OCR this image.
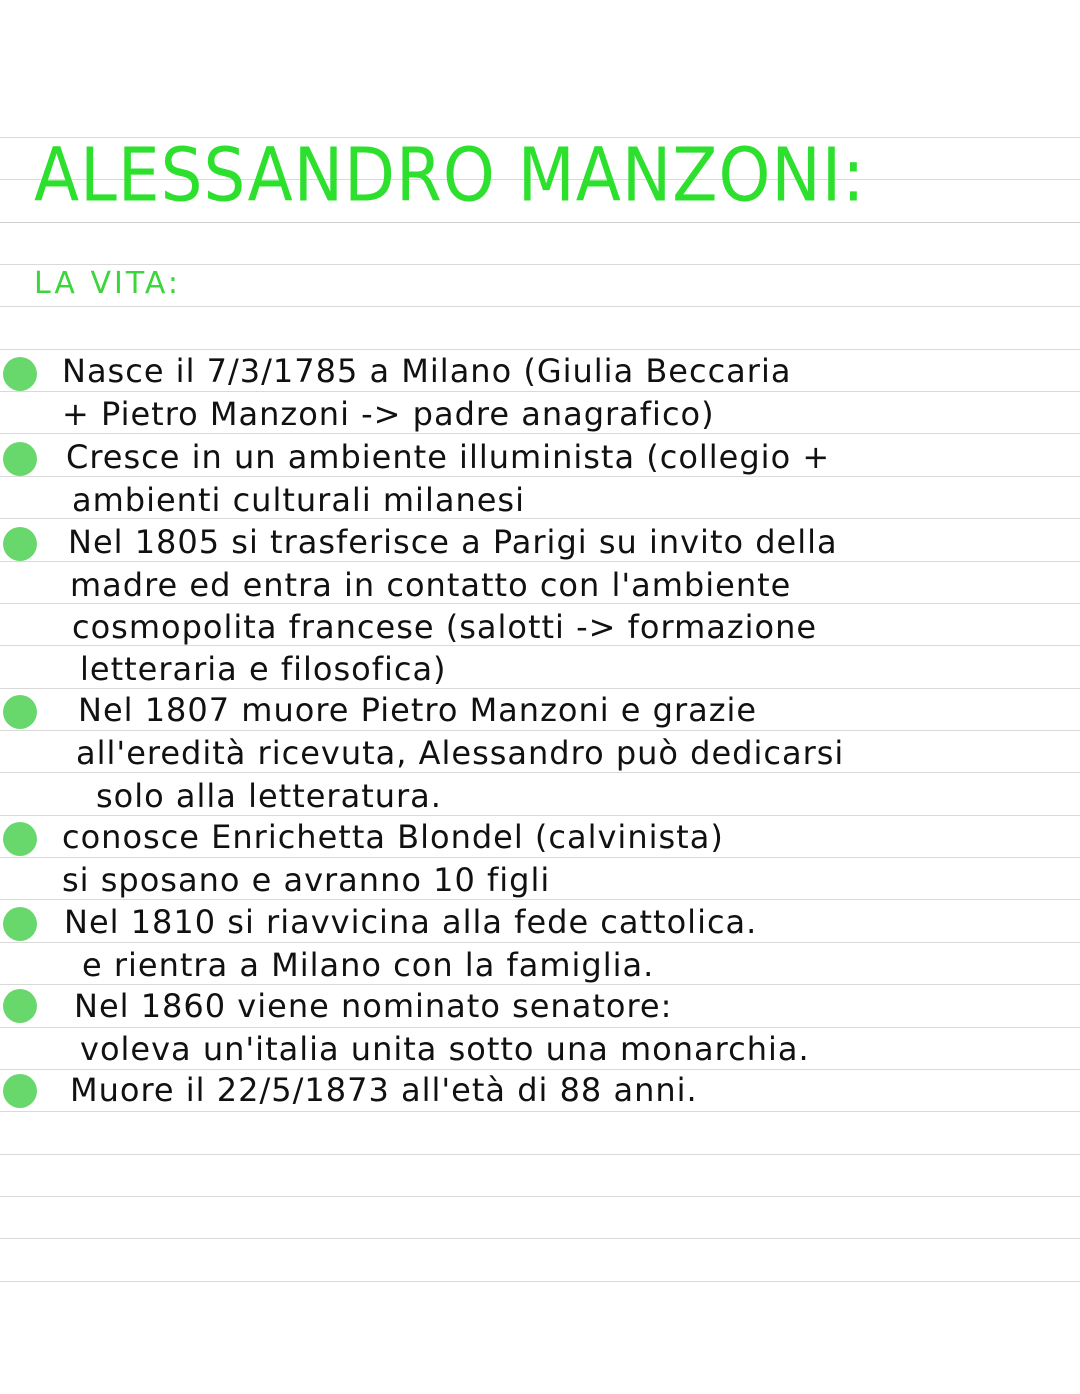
ALESSANDRO MANZONI:
LA VITA:
Nasce il 7/3/1785 a Milano (Giulia Beccaria
+ Pietro Manzoni -> padre anagrafico)
Cresce in un ambiente illuminista (collegio +
ambienti culturali milanesi
Nel 1805 si trasferisce a Parigi su invito della
madre ed entra in contatto con l'ambiente
cosmopolita francese (salotti -> formazione
letteraria e filosofica)
Nel 1807 muore Pietro Manzoni e grazie
all'eredità ricevuta, Alessandro può dedicarsi
solo alla letteratura.
conosce Enrichetta Blondel (calvinista)
si sposano e avranno 10 figli
Nel 1810 si riavvicina alla fede cattolica.
e rientra a Milano con la famiglia.
Nel 1860 viene nominato senatore:
voleva un'italia unita sotto una monarchia.
Muore il 22/5/1873 all'età di 88 anni.
